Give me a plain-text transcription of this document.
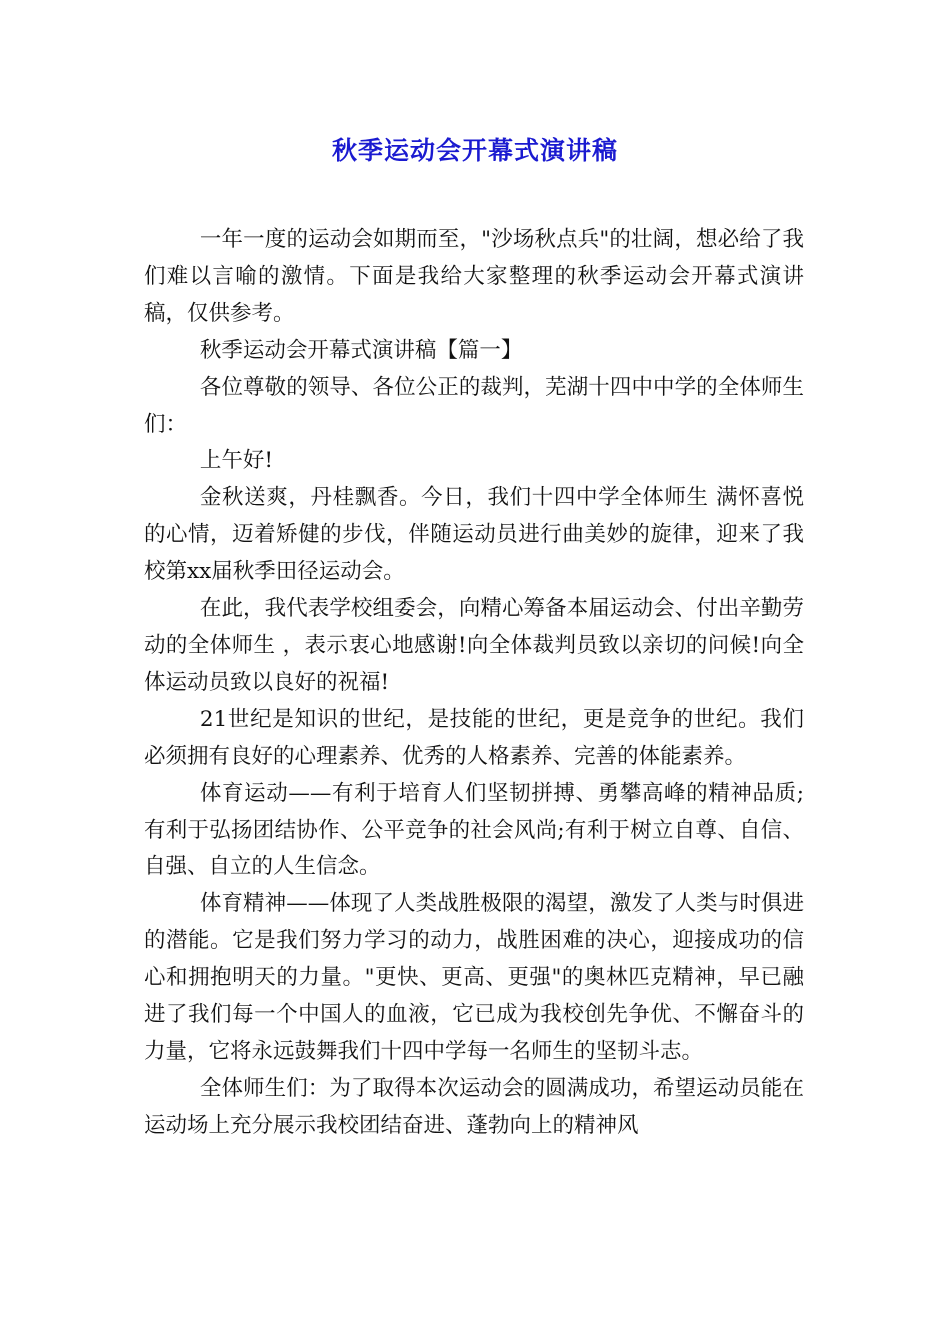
秋季运动会开幕式演讲稿

一年一度的运动会如期而至，"沙场秋点兵"的壮阔，想必给了我们难以言喻的激情。下面是我给大家整理的秋季运动会开幕式演讲稿，仅供参考。

秋季运动会开幕式演讲稿【篇一】

各位尊敬的领导、各位公正的裁判，芜湖十四中中学的全体师生们：

上午好!

金秋送爽，丹桂飘香。今日，我们十四中学全体师生 满怀喜悦的心情，迈着矫健的步伐，伴随运动员进行曲美妙的旋律，迎来了我校第xx届秋季田径运动会。

在此，我代表学校组委会，向精心筹备本届运动会、付出辛勤劳动的全体师生 ，表示衷心地感谢!向全体裁判员致以亲切的问候!向全体运动员致以良好的祝福!

21世纪是知识的世纪，是技能的世纪，更是竞争的世纪。我们必须拥有良好的心理素养、优秀的人格素养、完善的体能素养。

体育运动——有利于培育人们坚韧拼搏、勇攀高峰的精神品质;有利于弘扬团结协作、公平竞争的社会风尚;有利于树立自尊、自信、自强、自立的人生信念。

体育精神——体现了人类战胜极限的渴望，激发了人类与时俱进的潜能。它是我们努力学习的动力，战胜困难的决心，迎接成功的信心和拥抱明天的力量。"更快、更高、更强"的奥林匹克精神，早已融进了我们每一个中国人的血液，它已成为我校创先争优、不懈奋斗的力量，它将永远鼓舞我们十四中学每一名师生的坚韧斗志。

全体师生们：为了取得本次运动会的圆满成功，希望运动员能在运动场上充分展示我校团结奋进、蓬勃向上的精神风
